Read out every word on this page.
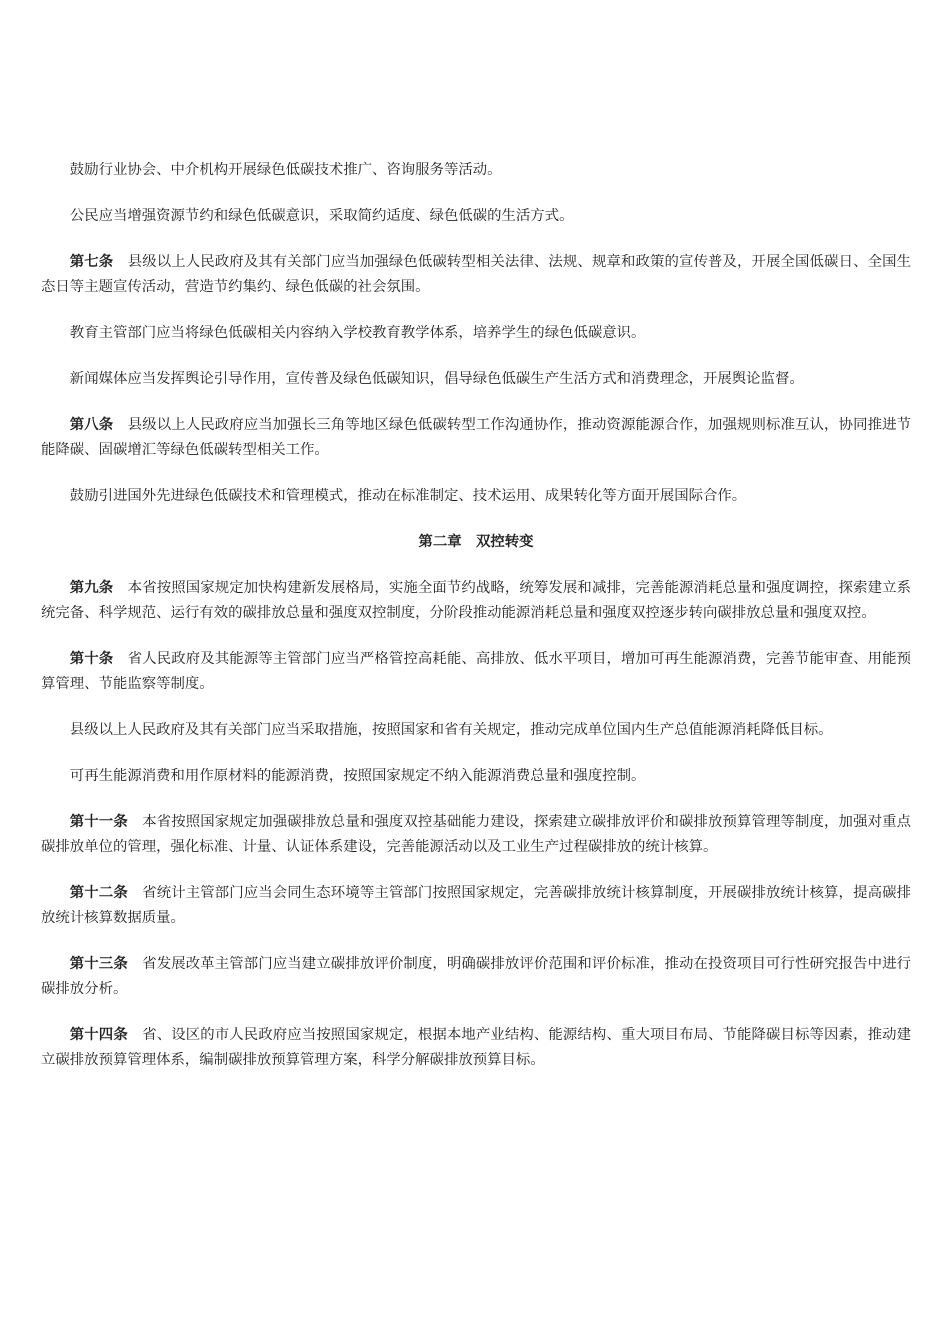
鼓励行业协会、中介机构开展绿色低碳技术推广、咨询服务等活动。

公民应当增强资源节约和绿色低碳意识，采取简约适度、绿色低碳的生活方式。

第七条 县级以上人民政府及其有关部门应当加强绿色低碳转型相关法律、法规、规章和政策的宣传普及，开展全国低碳日、全国生态日等主题宣传活动，营造节约集约、绿色低碳的社会氛围。

教育主管部门应当将绿色低碳相关内容纳入学校教育教学体系，培养学生的绿色低碳意识。

新闻媒体应当发挥舆论引导作用，宣传普及绿色低碳知识，倡导绿色低碳生产生活方式和消费理念，开展舆论监督。

第八条 县级以上人民政府应当加强长三角等地区绿色低碳转型工作沟通协作，推动资源能源合作，加强规则标准互认，协同推进节能降碳、固碳增汇等绿色低碳转型相关工作。

鼓励引进国外先进绿色低碳技术和管理模式，推动在标准制定、技术运用、成果转化等方面开展国际合作。

第二章　双控转变

第九条 本省按照国家规定加快构建新发展格局，实施全面节约战略，统筹发展和减排，完善能源消耗总量和强度调控，探索建立系统完备、科学规范、运行有效的碳排放总量和强度双控制度，分阶段推动能源消耗总量和强度双控逐步转向碳排放总量和强度双控。

第十条 省人民政府及其能源等主管部门应当严格管控高耗能、高排放、低水平项目，增加可再生能源消费，完善节能审查、用能预算管理、节能监察等制度。

县级以上人民政府及其有关部门应当采取措施，按照国家和省有关规定，推动完成单位国内生产总值能源消耗降低目标。

可再生能源消费和用作原材料的能源消费，按照国家规定不纳入能源消费总量和强度控制。

第十一条 本省按照国家规定加强碳排放总量和强度双控基础能力建设，探索建立碳排放评价和碳排放预算管理等制度，加强对重点碳排放单位的管理，强化标准、计量、认证体系建设，完善能源活动以及工业生产过程碳排放的统计核算。

第十二条 省统计主管部门应当会同生态环境等主管部门按照国家规定，完善碳排放统计核算制度，开展碳排放统计核算，提高碳排放统计核算数据质量。

第十三条 省发展改革主管部门应当建立碳排放评价制度，明确碳排放评价范围和评价标准，推动在投资项目可行性研究报告中进行碳排放分析。

第十四条 省、设区的市人民政府应当按照国家规定，根据本地产业结构、能源结构、重大项目布局、节能降碳目标等因素，推动建立碳排放预算管理体系，编制碳排放预算管理方案，科学分解碳排放预算目标。
